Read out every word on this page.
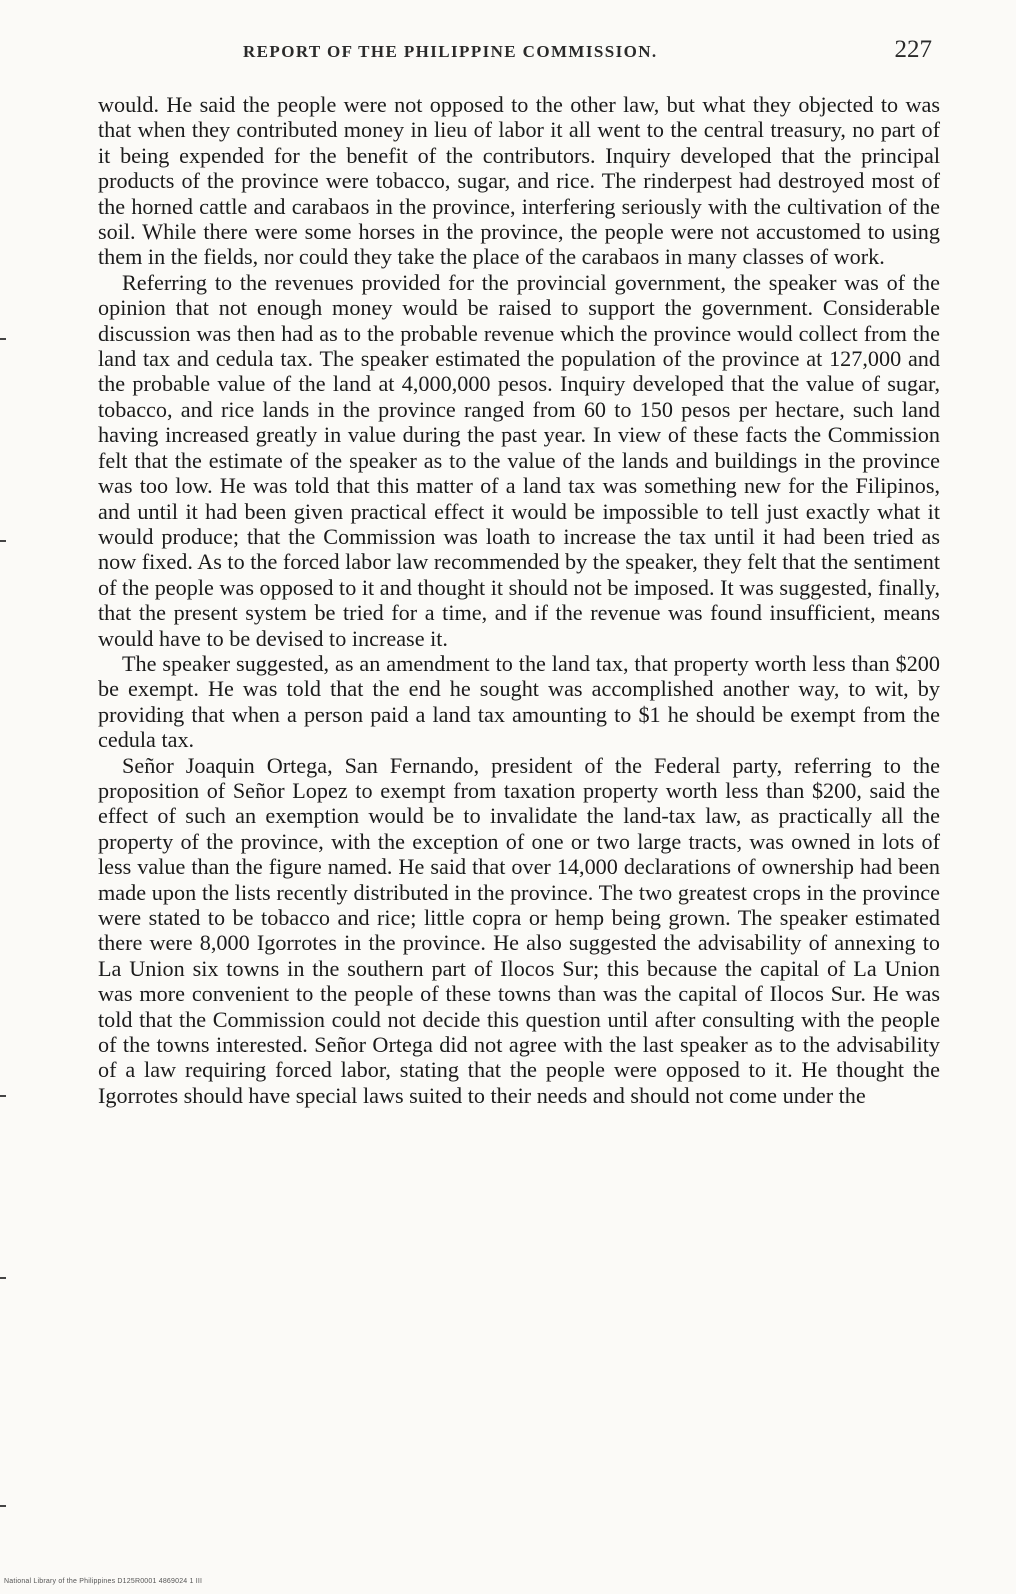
REPORT OF THE PHILIPPINE COMMISSION.	227

would. He said the people were not opposed to the other law, but what they objected to was that when they contributed money in lieu of labor it all went to the central treasury, no part of it being expended for the benefit of the contributors. Inquiry developed that the principal products of the province were tobacco, sugar, and rice. The rinderpest had destroyed most of the horned cattle and carabaos in the province, interfering seriously with the cultivation of the soil. While there were some horses in the province, the people were not accustomed to using them in the fields, nor could they take the place of the carabaos in many classes of work.

Referring to the revenues provided for the provincial government, the speaker was of the opinion that not enough money would be raised to support the government. Considerable discussion was then had as to the probable revenue which the province would collect from the land tax and cedula tax. The speaker estimated the population of the province at 127,000 and the probable value of the land at 4,000,000 pesos. Inquiry developed that the value of sugar, tobacco, and rice lands in the province ranged from 60 to 150 pesos per hectare, such land having increased greatly in value during the past year. In view of these facts the Commission felt that the estimate of the speaker as to the value of the lands and buildings in the province was too low. He was told that this matter of a land tax was something new for the Filipinos, and until it had been given practical effect it would be impossible to tell just exactly what it would produce; that the Commission was loath to increase the tax until it had been tried as now fixed. As to the forced labor law recommended by the speaker, they felt that the sentiment of the people was opposed to it and thought it should not be imposed. It was suggested, finally, that the present system be tried for a time, and if the revenue was found insufficient, means would have to be devised to increase it.

The speaker suggested, as an amendment to the land tax, that property worth less than $200 be exempt. He was told that the end he sought was accomplished another way, to wit, by providing that when a person paid a land tax amounting to $1 he should be exempt from the cedula tax.

Señor Joaquin Ortega, San Fernando, president of the Federal party, referring to the proposition of Señor Lopez to exempt from taxation property worth less than $200, said the effect of such an exemption would be to invalidate the land-tax law, as practically all the property of the province, with the exception of one or two large tracts, was owned in lots of less value than the figure named. He said that over 14,000 declarations of ownership had been made upon the lists recently distributed in the province. The two greatest crops in the province were stated to be tobacco and rice; little copra or hemp being grown. The speaker estimated there were 8,000 Igorrotes in the province. He also suggested the advisability of annexing to La Union six towns in the southern part of Ilocos Sur; this because the capital of La Union was more convenient to the people of these towns than was the capital of Ilocos Sur. He was told that the Commission could not decide this question until after consulting with the people of the towns interested. Señor Ortega did not agree with the last speaker as to the advisability of a law requiring forced labor, stating that the people were opposed to it. He thought the Igorrotes should have special laws suited to their needs and should not come under the

National Library of the Philippines D125R0001 4869024 1 III
